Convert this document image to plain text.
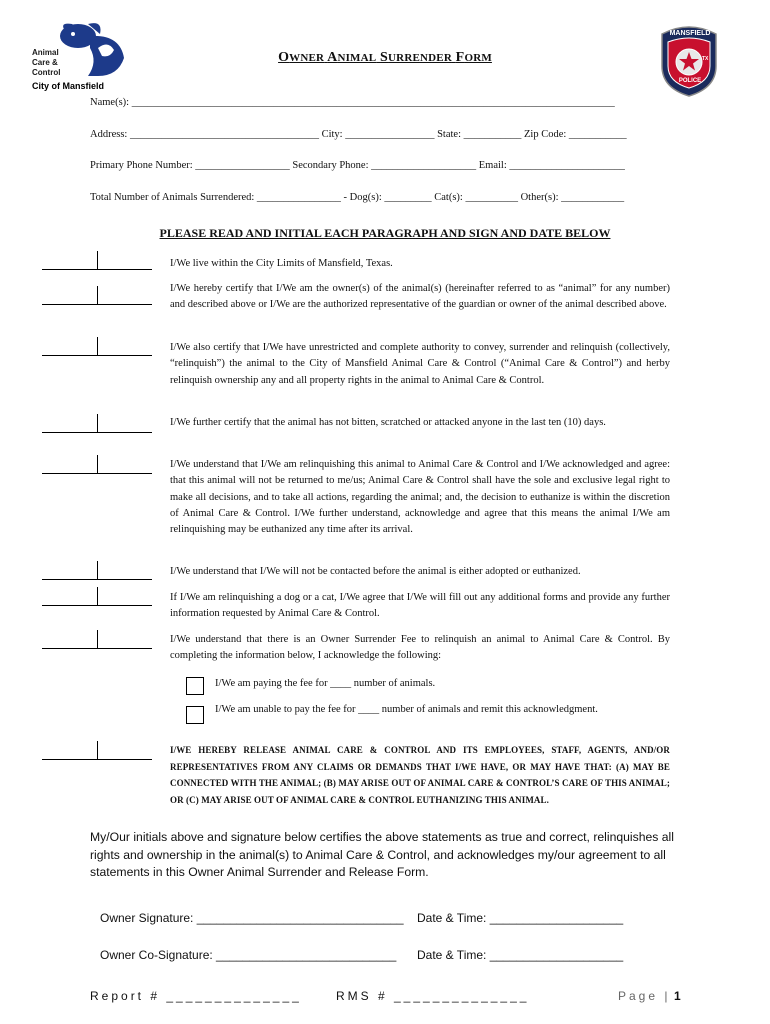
Animal
Care &
Control
City of Mansfield
MANSFIELD
POLICE
TX
OWNER ANIMAL SURRENDER FORM
Name(s): ____________________________________________________________________________________________
Address: ____________________________________ City: _________________ State: ___________ Zip Code: ___________
Primary Phone Number: __________________ Secondary Phone: ____________________ Email: ______________________
Total Number of Animals Surrendered: ________________ - Dog(s): _________ Cat(s): __________ Other(s): ____________
PLEASE READ AND INITIAL EACH PARAGRAPH AND SIGN AND DATE BELOW
I/We live within the City Limits of Mansfield, Texas.
I/We hereby certify that I/We am the owner(s) of the animal(s) (hereinafter referred to as “animal” for any number) and described above or I/We are the authorized representative of the guardian or owner of the animal described above.
I/We also certify that I/We have unrestricted and complete authority to convey, surrender and relinquish (collectively, “relinquish”) the animal to the City of Mansfield Animal Care & Control (“Animal Care & Control”) and herby relinquish ownership any and all property rights in the animal to Animal Care & Control.
I/We further certify that the animal has not bitten, scratched or attacked anyone in the last ten (10) days.
I/We understand that I/We am relinquishing this animal to Animal Care & Control and I/We acknowledged and agree: that this animal will not be returned to me/us; Animal Care & Control shall have the sole and exclusive legal right to make all decisions, and to take all actions, regarding the animal; and, the decision to euthanize is within the discretion of Animal Care & Control. I/We further understand, acknowledge and agree that this means the animal I/We am relinquishing may be euthanized any time after its arrival.
I/We understand that I/We will not be contacted before the animal is either adopted or euthanized.
If I/We am relinquishing a dog or a cat, I/We agree that I/We will fill out any additional forms and provide any further information requested by Animal Care & Control.
I/We understand that there is an Owner Surrender Fee to relinquish an animal to Animal Care & Control. By completing the information below, I acknowledge the following:
I/We am paying the fee for ____ number of animals.
I/We am unable to pay the fee for ____ number of animals and remit this acknowledgment.
I/WE HEREBY RELEASE ANIMAL CARE & CONTROL AND ITS EMPLOYEES, STAFF, AGENTS, AND/OR REPRESENTATIVES FROM ANY CLAIMS OR DEMANDS THAT I/WE HAVE, OR MAY HAVE THAT: (A) MAY BE CONNECTED WITH THE ANIMAL; (B) MAY ARISE OUT OF ANIMAL CARE & CONTROL’S CARE OF THIS ANIMAL; OR (C) MAY ARISE OUT OF ANIMAL CARE & CONTROL EUTHANIZING THIS ANIMAL.
My/Our initials above and signature below certifies the above statements as true and correct, relinquishes all rights and ownership in the animal(s) to Animal Care & Control, and acknowledges my/our agreement to all statements in this Owner Animal Surrender and Release Form.
Owner Signature: _______________________________ Date & Time: ____________________
Owner Co-Signature: ___________________________ Date & Time: ____________________
Report # ______________	RMS # ______________	Page | 1
